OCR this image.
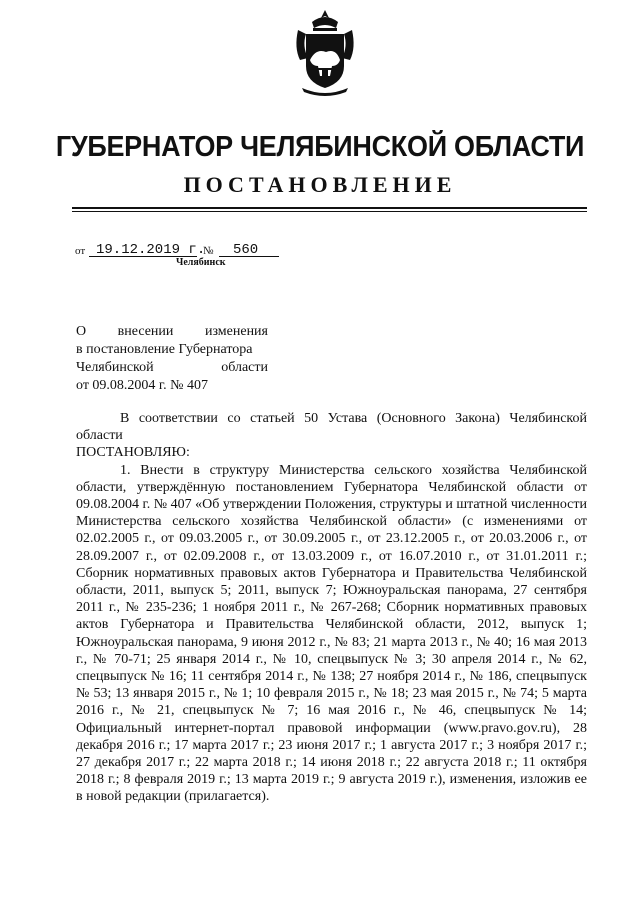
ГУБЕРНАТОР ЧЕЛЯБИНСКОЙ ОБЛАСТИ
ПОСТАНОВЛЕНИЕ
от 19.12.2019 г.
№ 560
Челябинск
О внесении изменения
в постановление Губернатора
Челябинской области
от 09.08.2004 г. № 407

В соответствии со статьей 50 Устава (Основного Закона) Челябинской области

ПОСТАНОВЛЯЮ:

1. Внести в структуру Министерства сельского хозяйства Челябинской области, утверждённую постановлением Губернатора Челябинской области от 09.08.2004 г. № 407 «Об утверждении Положения, структуры и штатной численности Министерства сельского хозяйства Челябинской области» (с изменениями от 02.02.2005 г., от 09.03.2005 г., от 30.09.2005 г., от 23.12.2005 г., от 20.03.2006 г., от 28.09.2007 г., от 02.09.2008 г., от 13.03.2009 г., от 16.07.2010 г., от 31.01.2011 г.; Сборник нормативных правовых актов Губернатора и Правительства Челябинской области, 2011, выпуск 5; 2011, выпуск 7; Южноуральская панорама, 27 сентября 2011 г., № 235-236; 1 ноября 2011 г., № 267-268; Сборник нормативных правовых актов Губернатора и Правительства Челябинской области, 2012, выпуск 1; Южноуральская панорама, 9 июня 2012 г., № 83; 21 марта 2013 г., № 40; 16 мая 2013 г., № 70-71; 25 января 2014 г., № 10, спецвыпуск № 3; 30 апреля 2014 г., № 62, спецвыпуск № 16; 11 сентября 2014 г., № 138; 27 ноября 2014 г., № 186, спецвыпуск № 53; 13 января 2015 г., № 1; 10 февраля 2015 г., № 18; 23 мая 2015 г., № 74; 5 марта 2016 г., № 21, спецвыпуск № 7; 16 мая 2016 г., № 46, спецвыпуск № 14; Официальный интернет-портал правовой информации (www.pravo.gov.ru), 28 декабря 2016 г.; 17 марта 2017 г.; 23 июня 2017 г.; 1 августа 2017 г.; 3 ноября 2017 г.; 27 декабря 2017 г.; 22 марта 2018 г.; 14 июня 2018 г.; 22 августа 2018 г.; 11 октября 2018 г.; 8 февраля 2019 г.; 13 марта 2019 г.; 9 августа 2019 г.), изменения, изложив ее в новой редакции (прилагается).
